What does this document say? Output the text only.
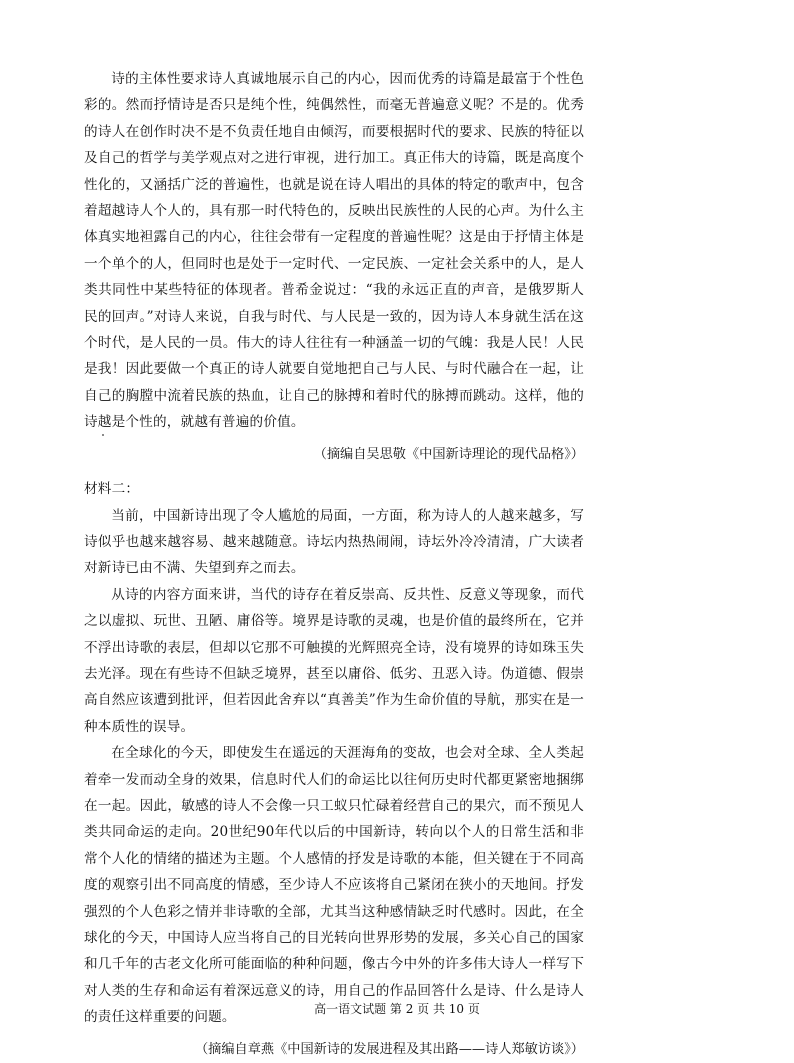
诗的主体性要求诗人真诚地展示自己的内心，因而优秀的诗篇是最富于个性色彩的。然而抒情诗是否只是纯个性，纯偶然性，而毫无普遍意义呢？不是的。优秀的诗人在创作时决不是不负责任地自由倾泻，而要根据时代的要求、民族的特征以及自己的哲学与美学观点对之进行审视，进行加工。真正伟大的诗篇，既是高度个性化的，又涵括广泛的普遍性，也就是说在诗人唱出的具体的特定的歌声中，包含着超越诗人个人的，具有那一时代特色的，反映出民族性的人民的心声。为什么主体真实地袒露自己的内心，往往会带有一定程度的普遍性呢？这是由于抒情主体是一个单个的人，但同时也是处于一定时代、一定民族、一定社会关系中的人，是人类共同性中某些特征的体现者。普希金说过：“我的永远正直的声音，是俄罗斯人民的回声。”对诗人来说，自我与时代、与人民是一致的，因为诗人本身就生活在这个时代，是人民的一员。伟大的诗人往往有一种涵盖一切的气魄：我是人民！人民是我！因此要做一个真正的诗人就要自觉地把自己与人民、与时代融合在一起，让自己的胸膛中流着民族的热血，让自己的脉搏和着时代的脉搏而跳动。这样，他的诗越是个性的，就越有普遍的价值。

（摘编自吴思敬《中国新诗理论的现代品格》）

材料二：

当前，中国新诗出现了令人尴尬的局面，一方面，称为诗人的人越来越多，写诗似乎也越来越容易、越来越随意。诗坛内热热闹闹，诗坛外冷冷清清，广大读者对新诗已由不满、失望到弃之而去。

从诗的内容方面来讲，当代的诗存在着反崇高、反共性、反意义等现象，而代之以虚拟、玩世、丑陋、庸俗等。境界是诗歌的灵魂，也是价值的最终所在，它并不浮出诗歌的表层，但却以它那不可触摸的光辉照亮全诗，没有境界的诗如珠玉失去光泽。现在有些诗不但缺乏境界，甚至以庸俗、低劣、丑恶入诗。伪道德、假崇高自然应该遭到批评，但若因此舍弃以“真善美”作为生命价值的导航，那实在是一种本质性的误导。

在全球化的今天，即使发生在遥远的天涯海角的变故，也会对全球、全人类起着牵一发而动全身的效果，信息时代人们的命运比以往何历史时代都更紧密地捆绑在一起。因此，敏感的诗人不会像一只工蚁只忙碌着经营自己的果穴，而不预见人类共同命运的走向。20世纪90年代以后的中国新诗，转向以个人的日常生活和非常个人化的情绪的描述为主题。个人感情的抒发是诗歌的本能，但关键在于不同高度的观察引出不同高度的情感，至少诗人不应该将自己紧闭在狭小的天地间。抒发强烈的个人色彩之情并非诗歌的全部，尤其当这种感情缺乏时代感时。因此，在全球化的今天，中国诗人应当将自己的目光转向世界形势的发展，多关心自己的国家和几千年的古老文化所可能面临的种种问题，像古今中外的许多伟大诗人一样写下对人类的生存和命运有着深远意义的诗，用自己的作品回答什么是诗、什么是诗人的责任这样重要的问题。

（摘编自章燕《中国新诗的发展进程及其出路——诗人郑敏访谈》）

高一语文试题 第 2 页 共 10 页
